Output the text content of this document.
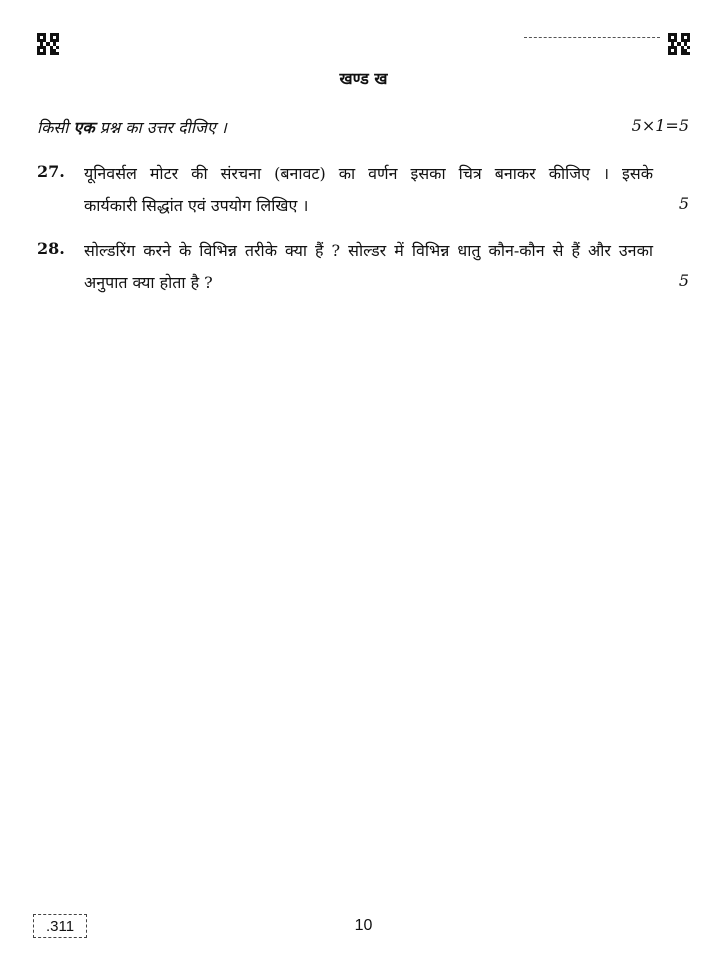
खण्ड ख
किसी एक प्रश्न का उत्तर दीजिए ।	5×1=5
27. यूनिवर्सल मोटर की संरचना (बनावट) का वर्णन इसका चित्र बनाकर कीजिए । इसके
कार्यकारी सिद्धांत एवं उपयोग लिखिए ।	5
28. सोल्डरिंग करने के विभिन्न तरीके क्या हैं ? सोल्डर में विभिन्न धातु कौन-कौन से हैं और उनका
अनुपात क्या होता है ?	5
.311	10
